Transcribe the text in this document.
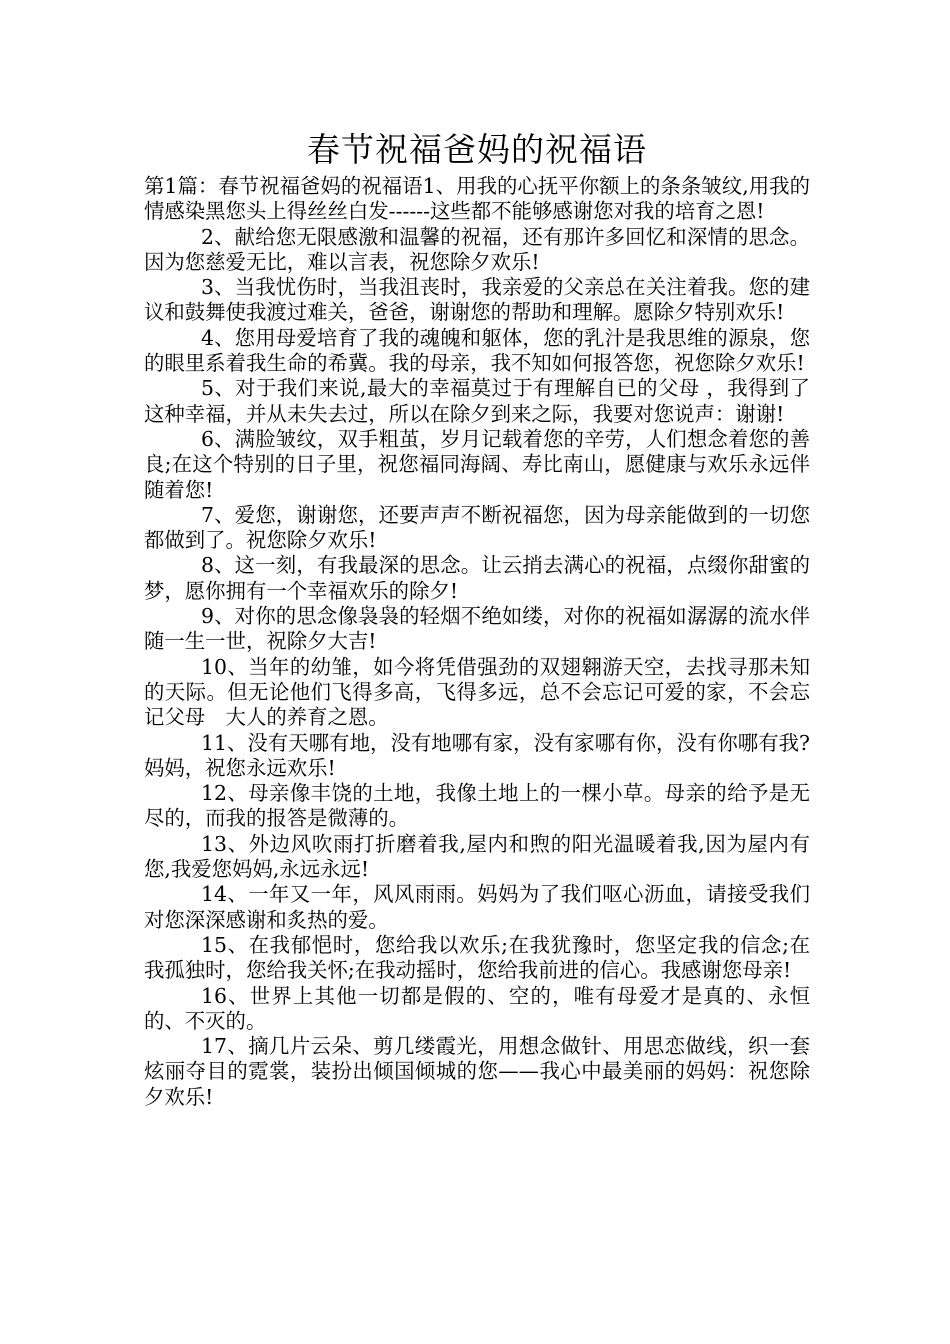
春节祝福爸妈的祝福语

第1篇：春节祝福爸妈的祝福语1、用我的心抚平你额上的条条皱纹,用我的情感染黑您头上得丝丝白发------这些都不能够感谢您对我的培育之恩!

2、献给您无限感激和温馨的祝福，还有那许多回忆和深情的思念。因为您慈爱无比，难以言表，祝您除夕欢乐!

3、当我忧伤时，当我沮丧时，我亲爱的父亲总在关注着我。您的建议和鼓舞使我渡过难关，爸爸，谢谢您的帮助和理解。愿除夕特别欢乐!

4、您用母爱培育了我的魂魄和躯体，您的乳汁是我思维的源泉，您的眼里系着我生命的希冀。我的母亲，我不知如何报答您，祝您除夕欢乐!

5、对于我们来说,最大的幸福莫过于有理解自已的父母 ，我得到了这种幸福，并从未失去过，所以在除夕到来之际，我要对您说声：谢谢!

6、满脸皱纹，双手粗茧，岁月记载着您的辛劳，人们想念着您的善良;在这个特别的日子里，祝您福同海阔、寿比南山，愿健康与欢乐永远伴随着您!

7、爱您，谢谢您，还要声声不断祝福您，因为母亲能做到的一切您都做到了。祝您除夕欢乐!

8、这一刻，有我最深的思念。让云捎去满心的祝福，点缀你甜蜜的梦，愿你拥有一个幸福欢乐的除夕!

9、对你的思念像袅袅的轻烟不绝如缕，对你的祝福如潺潺的流水伴随一生一世，祝除夕大吉!

10、当年的幼雏，如今将凭借强劲的双翅翱游天空，去找寻那未知的天际。但无论他们飞得多高，飞得多远，总不会忘记可爱的家，不会忘记父母　大人的养育之恩。

11、没有天哪有地，没有地哪有家，没有家哪有你，没有你哪有我?妈妈，祝您永远欢乐!

12、母亲像丰饶的土地，我像土地上的一棵小草。母亲的给予是无尽的，而我的报答是微薄的。

13、外边风吹雨打折磨着我,屋内和煦的阳光温暖着我,因为屋内有您,我爱您妈妈,永远永远!

14、一年又一年，风风雨雨。妈妈为了我们呕心沥血，请接受我们对您深深感谢和炙热的爱。

15、在我郁悒时，您给我以欢乐;在我犹豫时，您坚定我的信念;在我孤独时，您给我关怀;在我动摇时，您给我前进的信心。我感谢您母亲!

16、世界上其他一切都是假的、空的，唯有母爱才是真的、永恒的、不灭的。

17、摘几片云朵、剪几缕霞光，用想念做针、用思恋做线，织一套炫丽夺目的霓裳，装扮出倾国倾城的您——我心中最美丽的妈妈：祝您除夕欢乐!
